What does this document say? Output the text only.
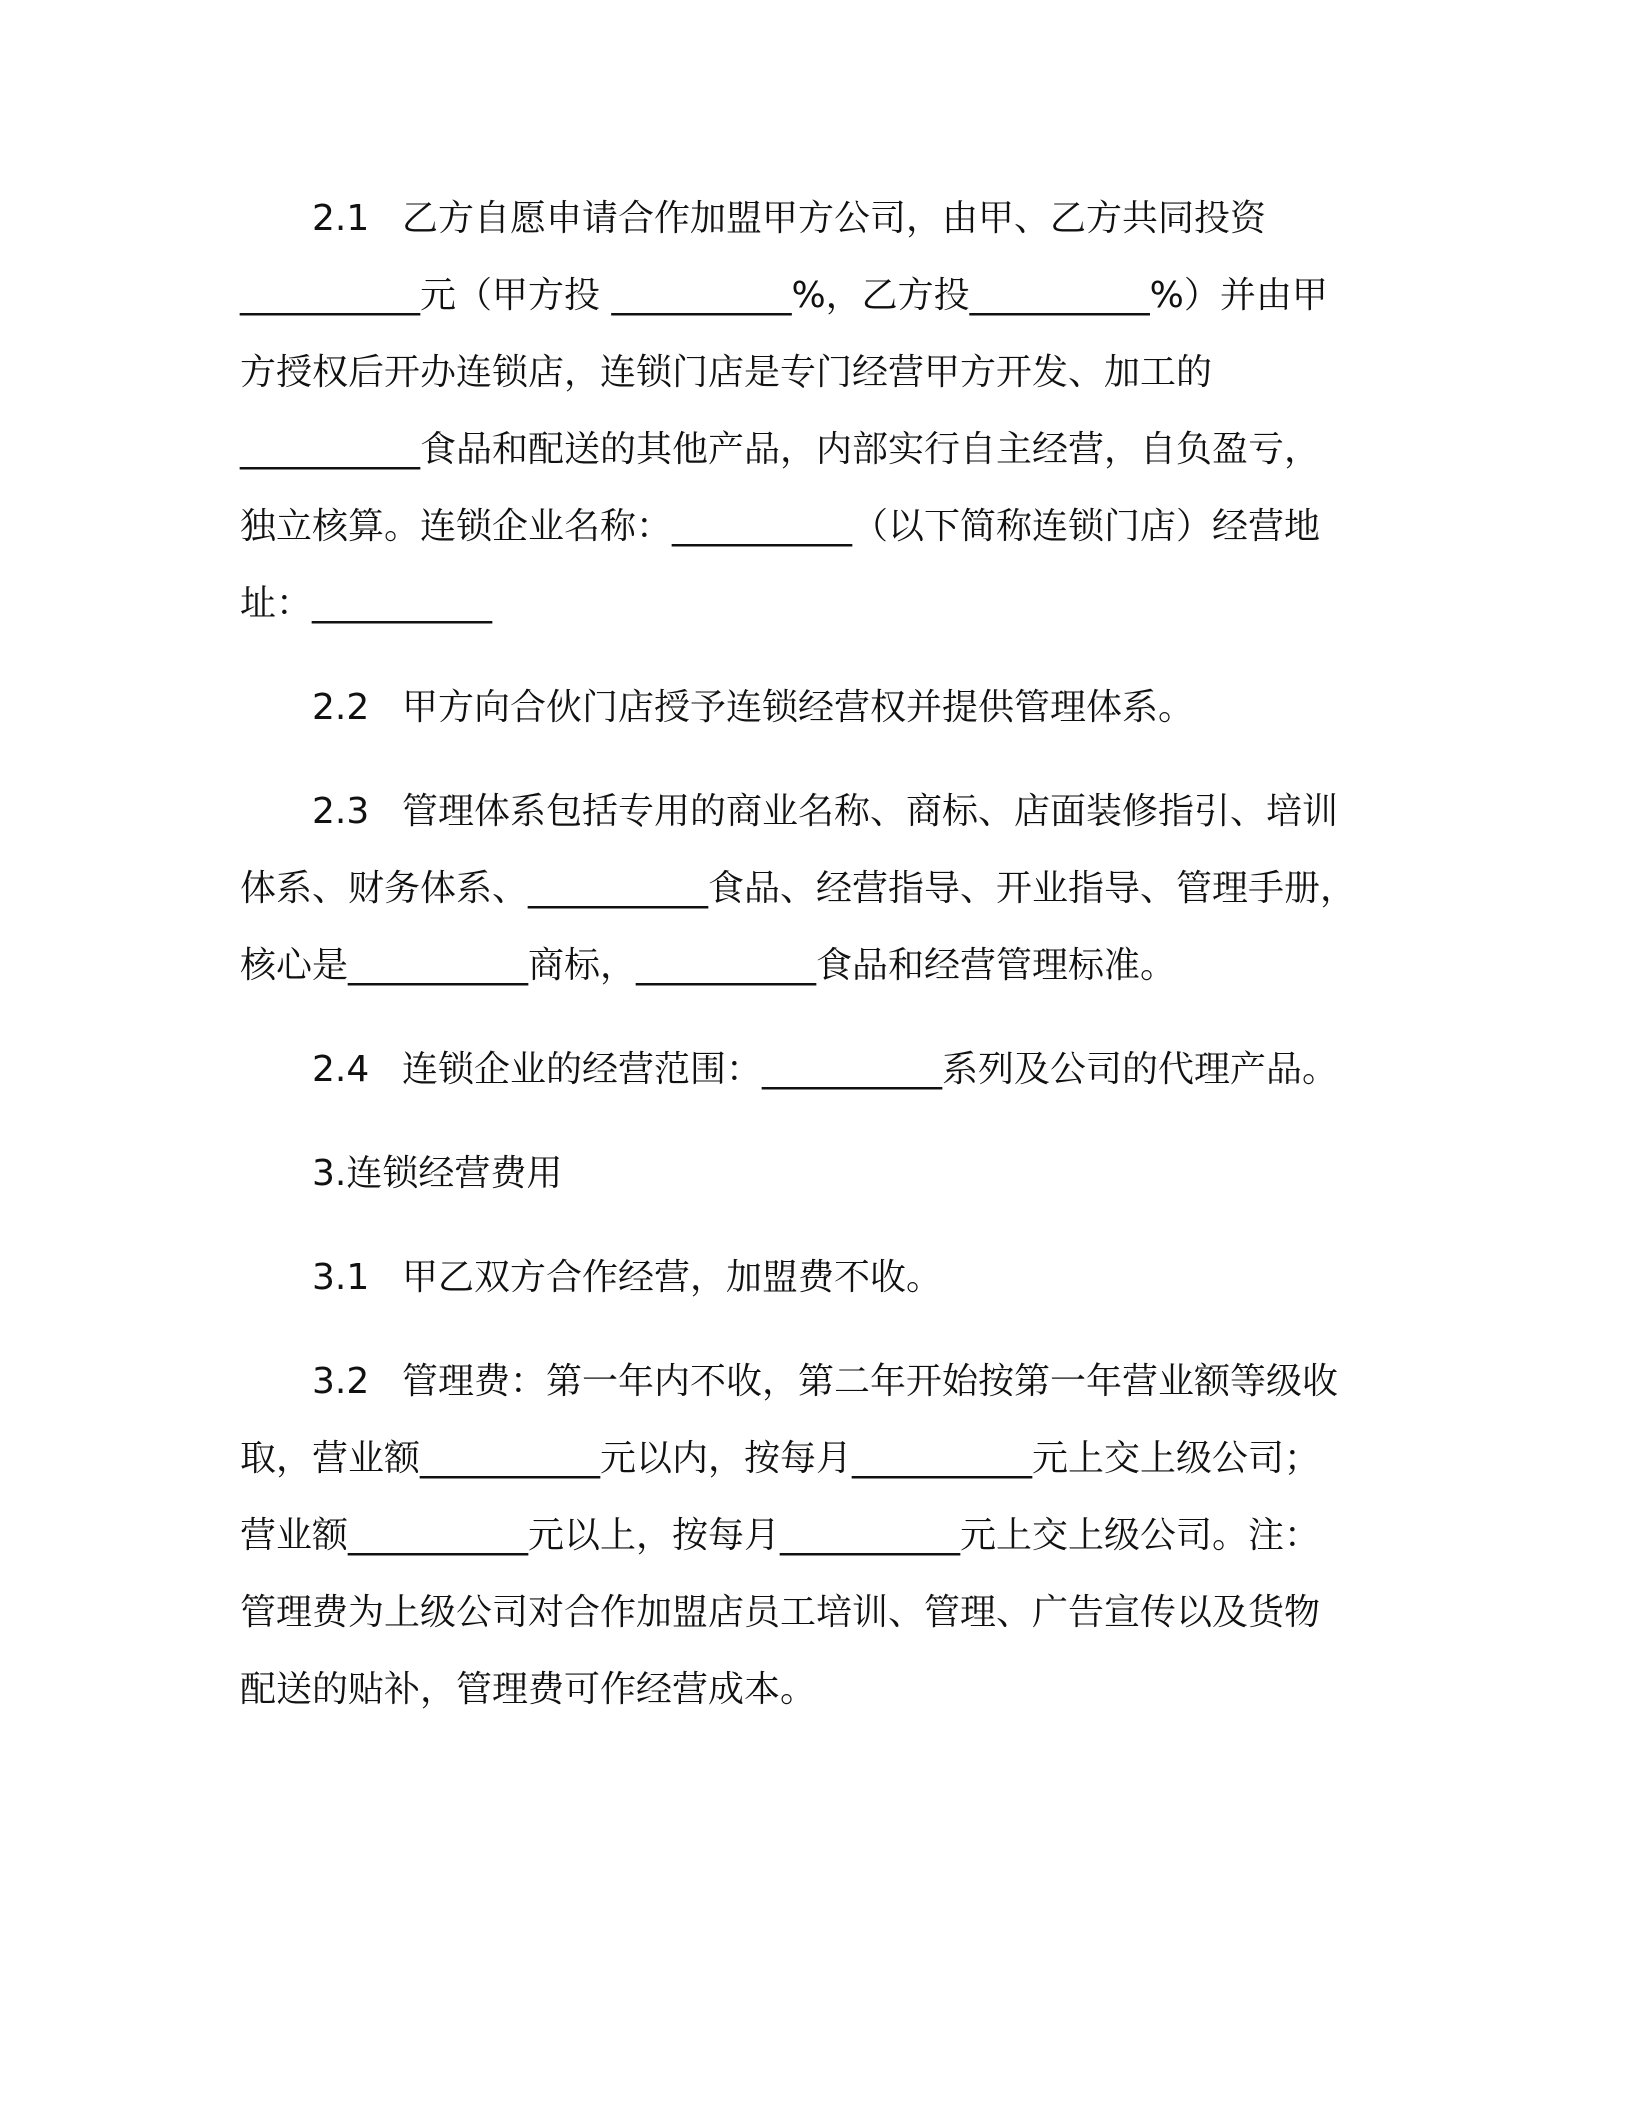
2.1 乙方自愿申请合作加盟甲方公司，由甲、乙方共同投资
__________元（甲方投 __________%，乙方投__________%）并由甲
方授权后开办连锁店，连锁门店是专门经营甲方开发、加工的
__________食品和配送的其他产品，内部实行自主经营，自负盈亏，
独立核算。连锁企业名称：__________（以下简称连锁门店）经营地
址：__________
2.2 甲方向合伙门店授予连锁经营权并提供管理体系。
2.3 管理体系包括专用的商业名称、商标、店面装修指引、培训
体系、财务体系、__________食品、经营指导、开业指导、管理手册，
核心是__________商标，__________食品和经营管理标准。
2.4 连锁企业的经营范围：__________系列及公司的代理产品。
3.连锁经营费用
3.1 甲乙双方合作经营，加盟费不收。
3.2 管理费：第一年内不收，第二年开始按第一年营业额等级收
取，营业额__________元以内，按每月__________元上交上级公司；
营业额__________元以上，按每月__________元上交上级公司。注：
管理费为上级公司对合作加盟店员工培训、管理、广告宣传以及货物
配送的贴补，管理费可作经营成本。
